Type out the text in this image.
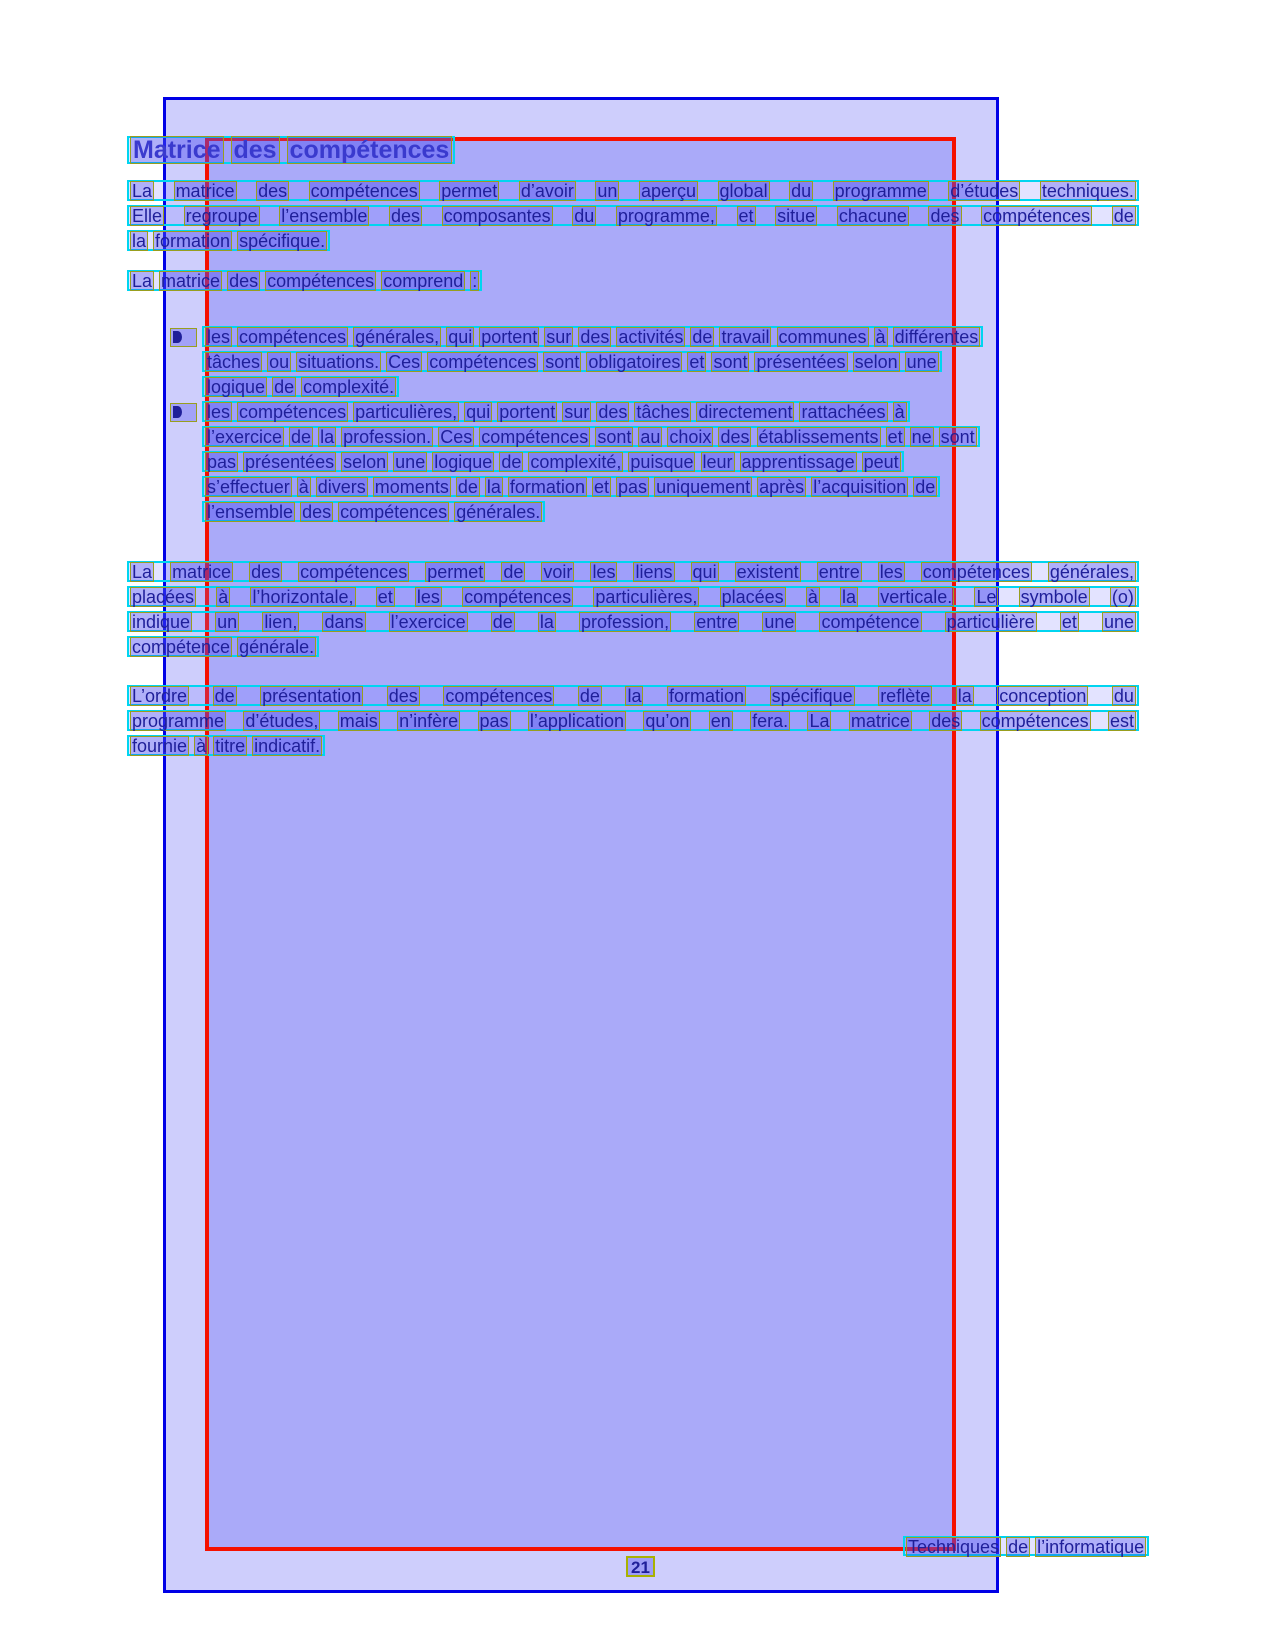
Matrice des compétences
La matrice des compétences permet d’avoir un aperçu global du programme d’études techniques.
Elle regroupe l’ensemble des composantes du programme, et situe chacune des compétences de
la formation spécifique.
La matrice des compétences comprend :
les compétences générales, qui portent sur des activités de travail communes à différentes
tâches ou situations. Ces compétences sont obligatoires et sont présentées selon une
logique de complexité.
les compétences particulières, qui portent sur des tâches directement rattachées à
l’exercice de la profession. Ces compétences sont au choix des établissements et ne sont
pas présentées selon une logique de complexité, puisque leur apprentissage peut
s’effectuer à divers moments de la formation et pas uniquement après l’acquisition de
l’ensemble des compétences générales.
La matrice des compétences permet de voir les liens qui existent entre les compétences générales,
placées à l’horizontale, et les compétences particulières, placées à la verticale. Le symbole (o)
indique un lien, dans l’exercice de la profession, entre une compétence particulière et une
compétence générale.
L’ordre de présentation des compétences de la formation spécifique reflète la conception du
programme d’études, mais n’infère pas l’application qu’on en fera. La matrice des compétences est
fournie à titre indicatif.
Techniques de l’informatique
21
